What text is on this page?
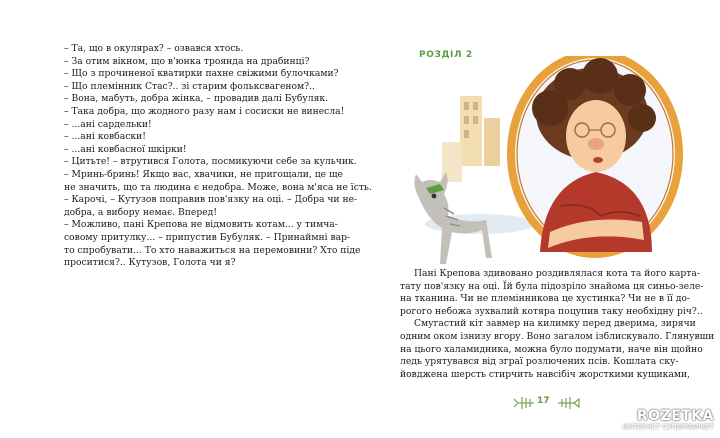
– Та, що в окулярах? – озвався хтось.

– За отим вікном, що в'юнка троянда на драбинці?

– Що з прочиненої кватирки пахне свіжими булочками?

– Що племінник Стас?.. зі старим фольксвагеном?..

– Вона, мабуть, добра жінка, – провадив далі Бубуляк.

– Така добра, що жодного разу нам і сосиски не винесла!

– ...ані сардельки!

– ...ані ковбаски!

– ...ані ковбасної шкірки!

– Цитьте! – втрутився Голота, посмикуючи себе за кульчик.

– Мринь-бринь! Якщо вас, хвачики, не пригощали, це ще

не значить, що та людина є недобра. Може, вона м'яса не їсть.

– Карочі, – Кутузов поправив пов'язку на оці. – Добра чи не-

добра, а вибору немає. Вперед!

– Можливо, пані Крепова не відмовить котам... у тимча-

совому притулку... – припустив Бубуляк. – Принаймні вар-

то спробувати... То хто наважиться на перемовини? Хто піде

проситися?.. Кутузов, Голота чи я?

РОЗДІЛ 2

Пані Крепова здивовано роздивлялася кота та його карта-

тату пов'язку на оці. Їй була підозріло знайома ця синьо-зеле-

на тканина. Чи не племінникова це хустинка? Чи не в її до-

рогого небожа зухвалий котяра поцупив таку необхідну річ?..

Смугастий кіт завмер на килимку перед дверима, зирячи

одним оком ізнизу вгору. Воно загалом ізблискувало. Глянувши

на цього халамидника, можна було подумати, наче він щойно

ледь урятувався від зграї розлючених псів. Кошлата ску-

йовджена шерсть стирчить навсібіч жорсткими кущиками,

17
ROZETKA
ИНТЕРНЕТ СУПЕРМАРКЕТ
